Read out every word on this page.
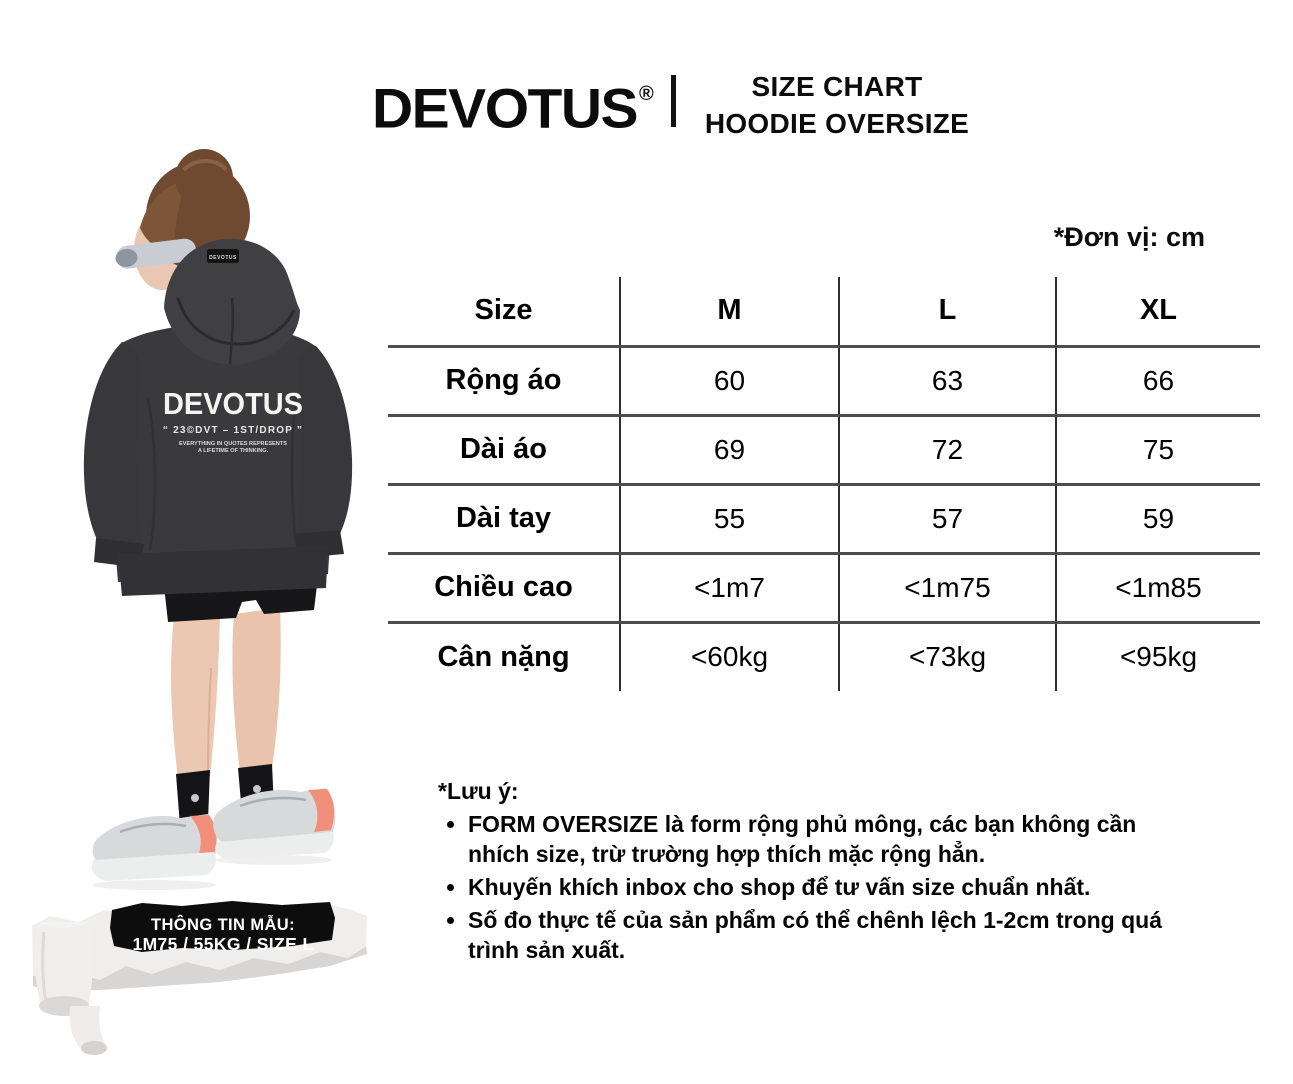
DEVOTUS ®	SIZE CHART
HOODIE OVERSIZE
*Đơn vị: cm
Size	M	L	XL
Rộng áo	60	63	66
Dài áo	69	72	75
Dài tay	55	57	59
Chiều cao	<1m7	<1m75	<1m85
Cân nặng	<60kg	<73kg	<95kg
*Lưu ý:
• FORM OVERSIZE là form rộng phủ mông, các bạn không cần nhích size, trừ trường hợp thích mặc rộng hẳn.
• Khuyến khích inbox cho shop để tư vấn size chuẩn nhất.
• Số đo thực tế của sản phẩm có thể chênh lệch 1-2cm trong quá trình sản xuất.
DEVOTUS
DEVOTUS
“ 23©DVT – 1ST/DROP ”
EVERYTHING IN QUOTES REPRESENTS
A LIFETIME OF THINKING.
THÔNG TIN MẪU:
1M75 / 55KG / SIZE L
